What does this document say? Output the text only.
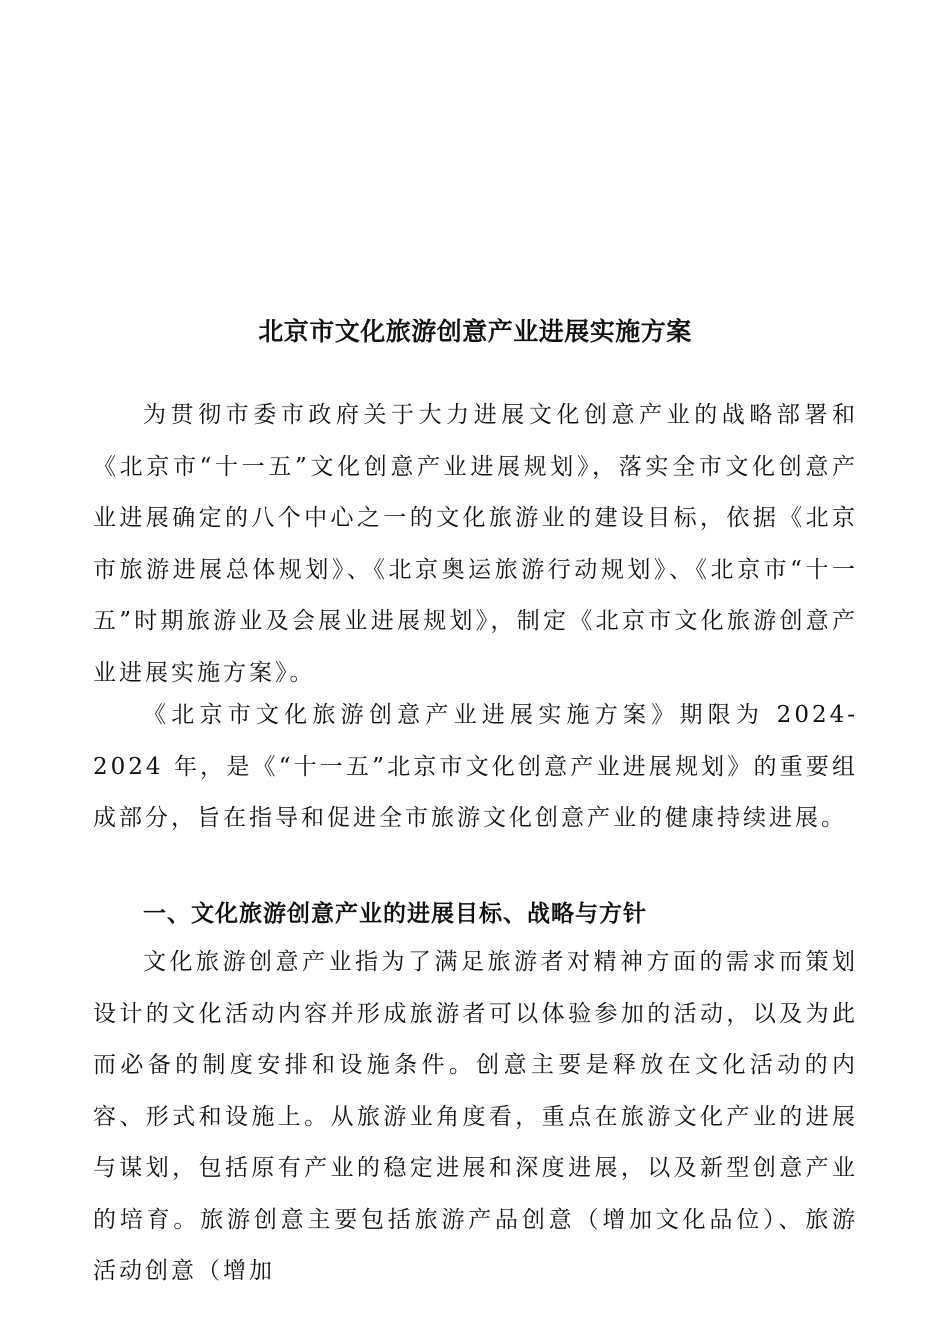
北京市文化旅游创意产业进展实施方案

为贯彻市委市政府关于大力进展文化创意产业的战略部署和《北京市“十一五”文化创意产业进展规划》，落实全市文化创意产业进展确定的八个中心之一的文化旅游业的建设目标，依据《北京市旅游进展总体规划》、《北京奥运旅游行动规划》、《北京市“十一五”时期旅游业及会展业进展规划》，制定《北京市文化旅游创意产业进展实施方案》。

《北京市文化旅游创意产业进展实施方案》期限为 2024-2024 年，是《“十一五”北京市文化创意产业进展规划》的重要组成部分，旨在指导和促进全市旅游文化创意产业的健康持续进展。

一、文化旅游创意产业的进展目标、战略与方针

文化旅游创意产业指为了满足旅游者对精神方面的需求而策划设计的文化活动内容并形成旅游者可以体验参加的活动，以及为此而必备的制度安排和设施条件。创意主要是释放在文化活动的内容、形式和设施上。从旅游业角度看，重点在旅游文化产业的进展与谋划，包括原有产业的稳定进展和深度进展，以及新型创意产业的培育。旅游创意主要包括旅游产品创意（增加文化品位）、旅游活动创意（增加
